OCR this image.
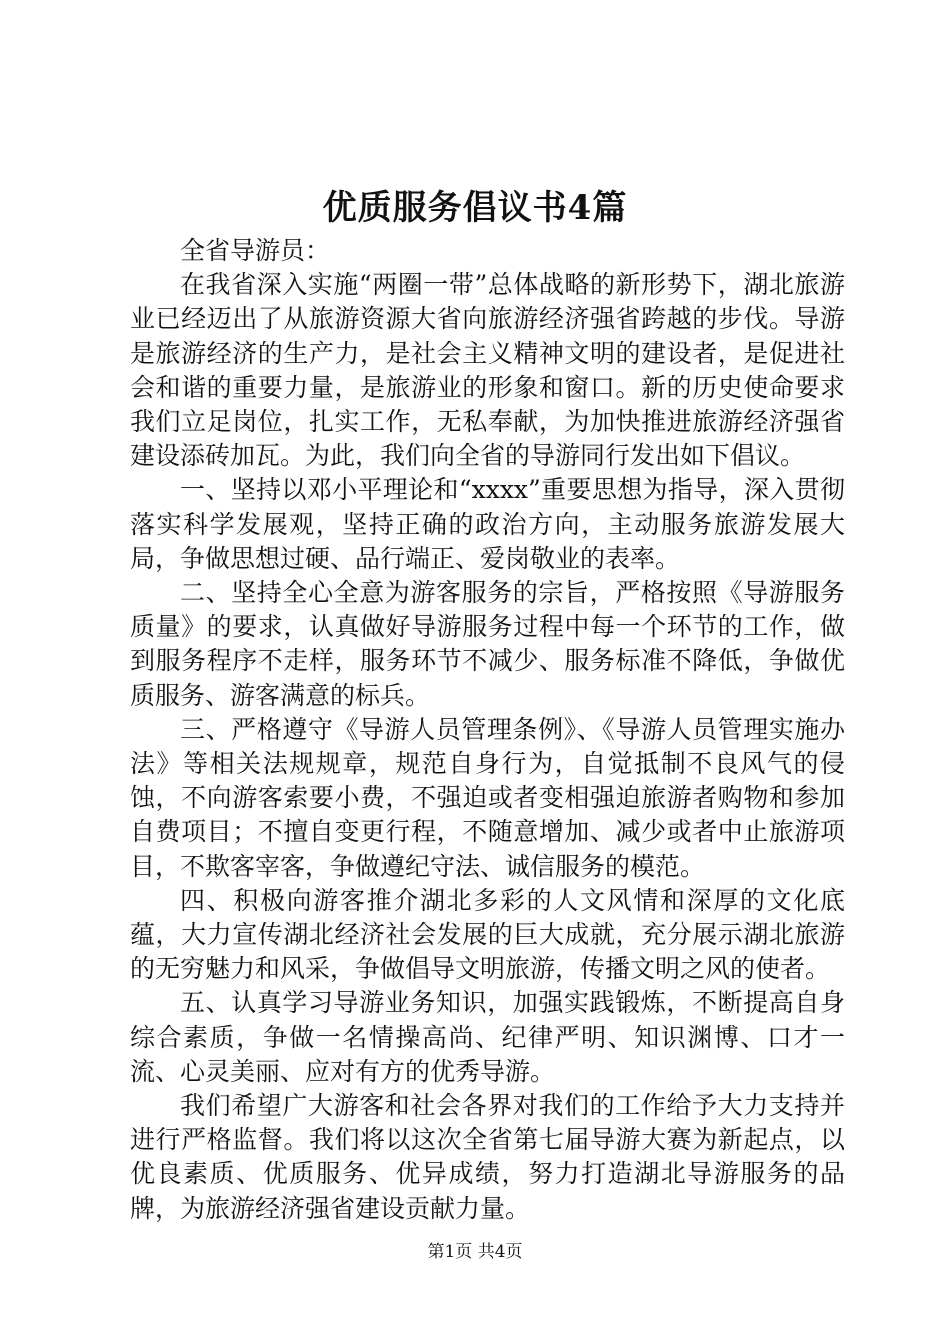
优质服务倡议书4篇

全省导游员：

在我省深入实施“两圈一带”总体战略的新形势下，湖北旅游业已经迈出了从旅游资源大省向旅游经济强省跨越的步伐。导游是旅游经济的生产力，是社会主义精神文明的建设者，是促进社会和谐的重要力量，是旅游业的形象和窗口。新的历史使命要求我们立足岗位，扎实工作，无私奉献，为加快推进旅游经济强省建设添砖加瓦。为此，我们向全省的导游同行发出如下倡议。

一、坚持以邓小平理论和“xxxx”重要思想为指导，深入贯彻落实科学发展观，坚持正确的政治方向，主动服务旅游发展大局，争做思想过硬、品行端正、爱岗敬业的表率。

二、坚持全心全意为游客服务的宗旨，严格按照《导游服务质量》的要求，认真做好导游服务过程中每一个环节的工作，做到服务程序不走样，服务环节不减少、服务标准不降低，争做优质服务、游客满意的标兵。

三、严格遵守《导游人员管理条例》、《导游人员管理实施办法》等相关法规规章，规范自身行为，自觉抵制不良风气的侵蚀，不向游客索要小费，不强迫或者变相强迫旅游者购物和参加自费项目；不擅自变更行程，不随意增加、减少或者中止旅游项目，不欺客宰客，争做遵纪守法、诚信服务的模范。

四、积极向游客推介湖北多彩的人文风情和深厚的文化底蕴，大力宣传湖北经济社会发展的巨大成就，充分展示湖北旅游的无穷魅力和风采，争做倡导文明旅游，传播文明之风的使者。

五、认真学习导游业务知识，加强实践锻炼，不断提高自身综合素质，争做一名情操高尚、纪律严明、知识渊博、口才一流、心灵美丽、应对有方的优秀导游。

我们希望广大游客和社会各界对我们的工作给予大力支持并进行严格监督。我们将以这次全省第七届导游大赛为新起点，以优良素质、优质服务、优异成绩，努力打造湖北导游服务的品牌，为旅游经济强省建设贡献力量。

第1页 共4页
